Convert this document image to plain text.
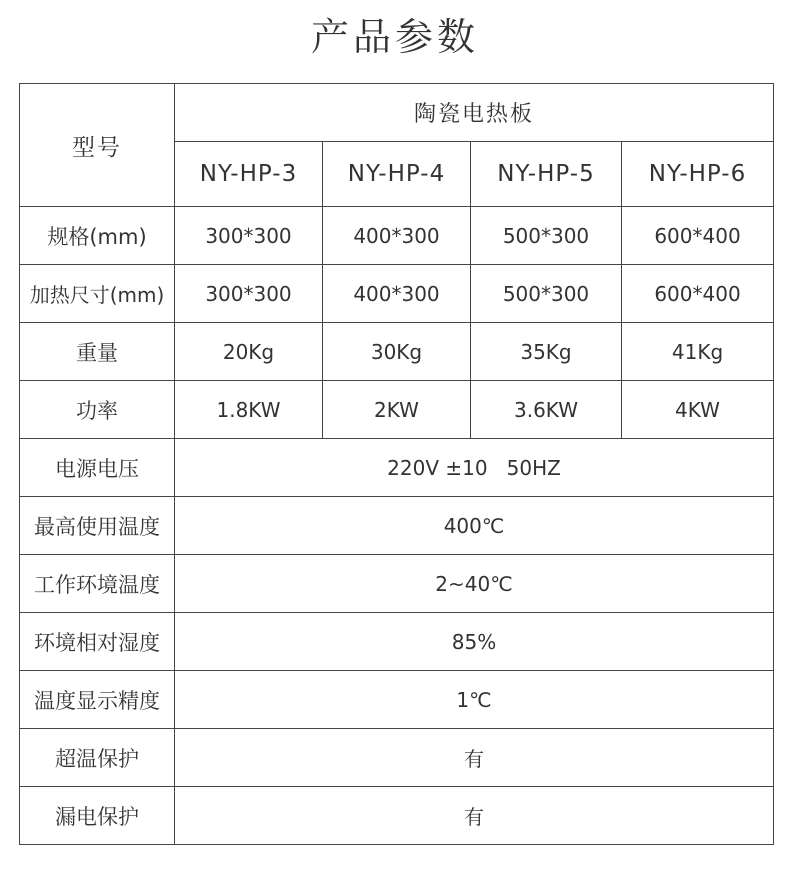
产品参数
型号	陶瓷电热板			
	NY-HP-3	NY-HP-4	NY-HP-5	NY-HP-6
规格(mm)	300*300	400*300	500*300	600*400
加热尺寸(mm)	300*300	400*300	500*300	600*400
重量	20Kg	30Kg	35Kg	41Kg
功率	1.8KW	2KW	3.6KW	4KW
电源电压	220V ±10   50HZ			
最高使用温度	400℃			
工作环境温度	2~40℃			
环境相对湿度	85%			
温度显示精度	1℃			
超温保护	有			
漏电保护	有			
